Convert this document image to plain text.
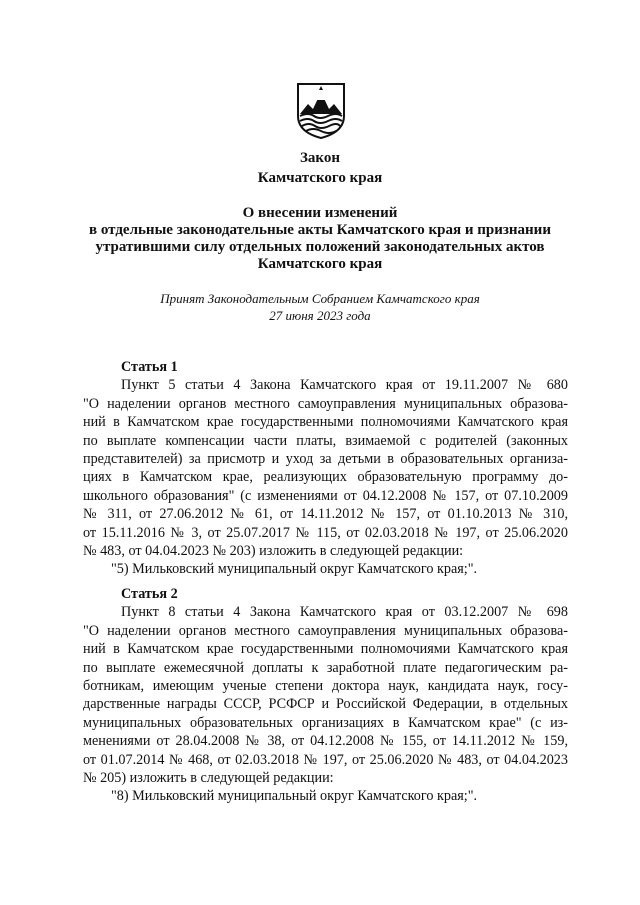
Закон
Камчатского края
О внесении изменений
в отдельные законодательные акты Камчатского края и признании
утратившими силу отдельных положений законодательных актов
Камчатского края
Принят Законодательным Собранием Камчатского края
27 июня 2023 года
Статья 1
Пункт 5 статьи 4 Закона Камчатского края от 19.11.2007 № 680
"О наделении органов местного самоуправления муниципальных образова-
ний в Камчатском крае государственными полномочиями Камчатского края
по выплате компенсации части платы, взимаемой с родителей (законных
представителей) за присмотр и уход за детьми в образовательных организа-
циях в Камчатском крае, реализующих образовательную программу до-
школьного образования" (с изменениями от 04.12.2008 № 157, от 07.10.2009
№ 311, от 27.06.2012 № 61, от 14.11.2012 № 157, от 01.10.2013 № 310,
от 15.11.2016 № 3, от 25.07.2017 № 115, от 02.03.2018 № 197, от 25.06.2020
№ 483, от 04.04.2023 № 203) изложить в следующей редакции:
"5) Мильковский муниципальный округ Камчатского края;".
Статья 2
Пункт 8 статьи 4 Закона Камчатского края от 03.12.2007 № 698
"О наделении органов местного самоуправления муниципальных образова-
ний в Камчатском крае государственными полномочиями Камчатского края
по выплате ежемесячной доплаты к заработной плате педагогическим ра-
ботникам, имеющим ученые степени доктора наук, кандидата наук, госу-
дарственные награды СССР, РСФСР и Российской Федерации, в отдельных
муниципальных образовательных организациях в Камчатском крае" (с из-
менениями от 28.04.2008 № 38, от 04.12.2008 № 155, от 14.11.2012 № 159,
от 01.07.2014 № 468, от 02.03.2018 № 197, от 25.06.2020 № 483, от 04.04.2023
№ 205) изложить в следующей редакции:
"8) Мильковский муниципальный округ Камчатского края;".
